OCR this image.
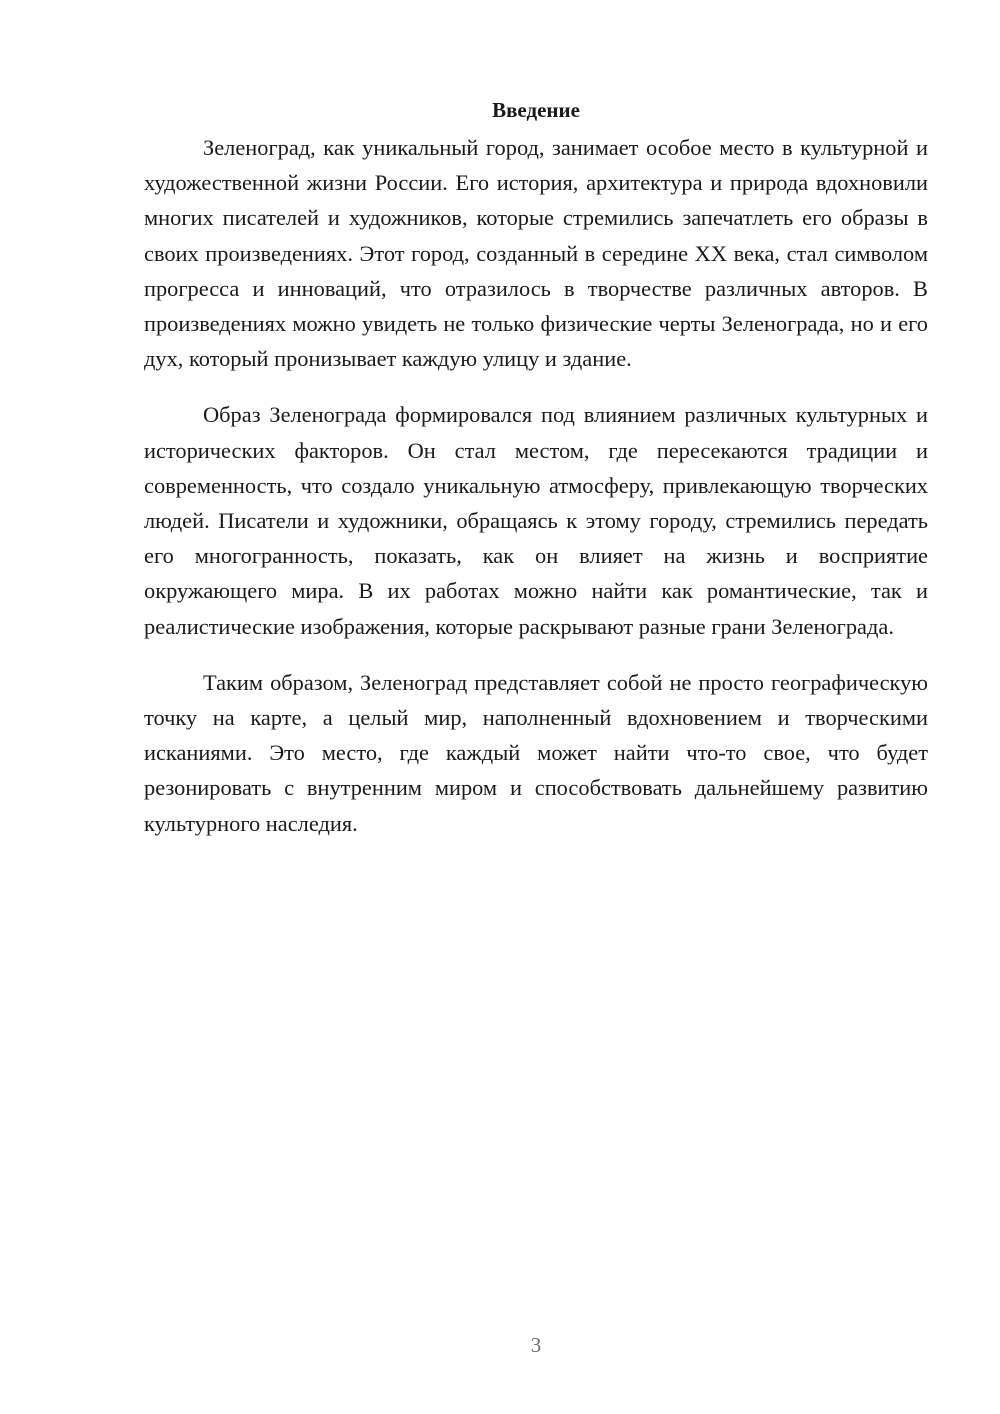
Введение

Зеленоград, как уникальный город, занимает особое место в культурной и художественной жизни России. Его история, архитектура и природа вдохновили многих писателей и художников, которые стремились запечатлеть его образы в своих произведениях. Этот город, созданный в середине XX века, стал символом прогресса и инноваций, что отразилось в творчестве различных авторов. В произведениях можно увидеть не только физические черты Зеленограда, но и его дух, который пронизывает каждую улицу и здание.

Образ Зеленограда формировался под влиянием различных культурных и исторических факторов. Он стал местом, где пересекаются традиции и современность, что создало уникальную атмосферу, привлекающую творческих людей. Писатели и художники, обращаясь к этому городу, стремились передать его многогранность, показать, как он влияет на жизнь и восприятие окружающего мира. В их работах можно найти как романтические, так и реалистические изображения, которые раскрывают разные грани Зеленограда.

Таким образом, Зеленоград представляет собой не просто географическую точку на карте, а целый мир, наполненный вдохновением и творческими исканиями. Это место, где каждый может найти что-то свое, что будет резонировать с внутренним миром и способствовать дальнейшему развитию культурного наследия.

3
